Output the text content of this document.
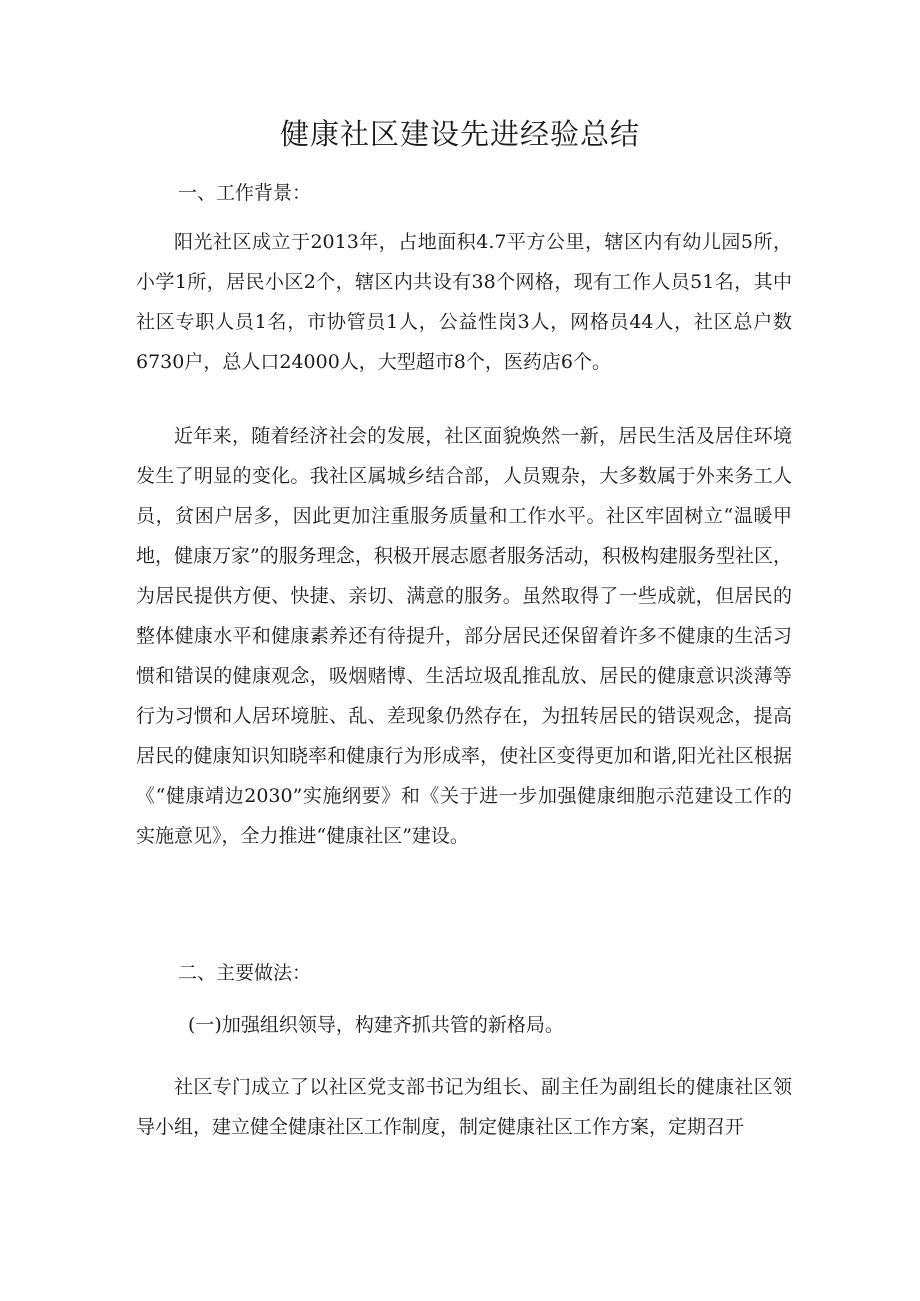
健康社区建设先进经验总结

一、工作背景：

阳光社区成立于2013年，占地面积4.7平方公里，辖区内有幼儿园5所，小学1所，居民小区2个，辖区内共设有38个网格，现有工作人员51名，其中社区专职人员1名，市协管员1人，公益性岗3人，网格员44人，社区总户数6730户，总人口24000人，大型超市8个，医药店6个。

近年来，随着经济社会的发展，社区面貌焕然一新，居民生活及居住环境发生了明显的变化。我社区属城乡结合部，人员覭杂，大多数属于外来务工人员，贫困户居多，因此更加注重服务质量和工作水平。社区牢固树立“温暖甲地，健康万家”的服务理念，积极开展志愿者服务活动，积极构建服务型社区，为居民提供方便、快捷、亲切、满意的服务。虽然取得了一些成就，但居民的整体健康水平和健康素养还有待提升，部分居民还保留着许多不健康的生活习惯和错误的健康观念，吸烟赌博、生活垃圾乱推乱放、居民的健康意识淡薄等行为习惯和人居环境脏、乱、差现象仍然存在，为扭转居民的错误观念，提高居民的健康知识知晓率和健康行为形成率，使社区变得更加和谐,阳光社区根据《“健康靖边2030”实施纲要》和《关于进一步加强健康细胞示范建设工作的实施意见》，全力推进“健康社区”建设。

二、主要做法：

(一)加强组织领导，构建齐抓共管的新格局。

社区专门成立了以社区党支部书记为组长、副主任为副组长的健康社区领导小组，建立健全健康社区工作制度，制定健康社区工作方案，定期召开
